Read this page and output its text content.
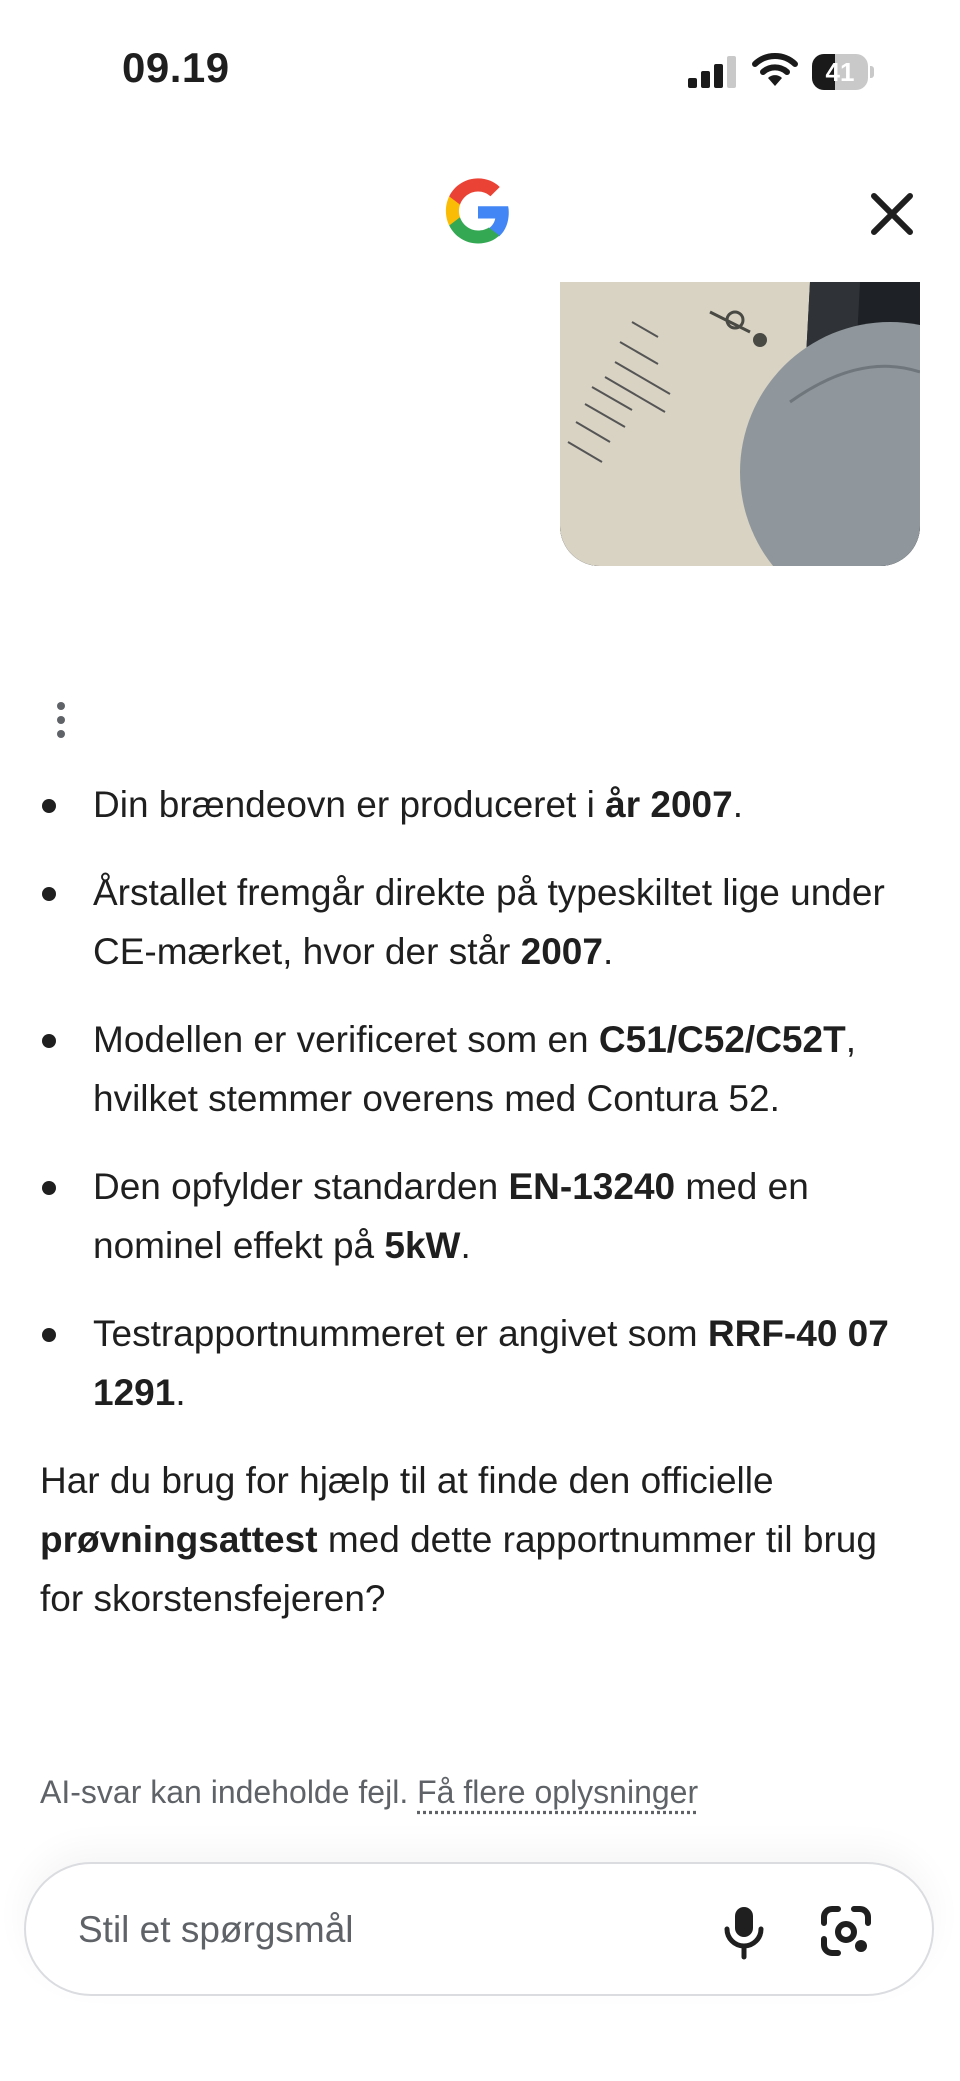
09.19	41
Din brændeovn er produceret i år 2007.
Årstallet fremgår direkte på typeskiltet lige under CE-mærket, hvor der står 2007.
Modellen er verificeret som en C51/C52/C52T, hvilket stemmer overens med Contura 52.
Den opfylder standarden EN-13240 med en nominel effekt på 5kW.
Testrapportnummeret er angivet som RRF-40 07 1291.

Har du brug for hjælp til at finde den officielle prøvningsattest med dette rapportnummer til brug for skorstensfejeren?

AI-svar kan indeholde fejl. Få flere oplysninger
Stil et spørgsmål
